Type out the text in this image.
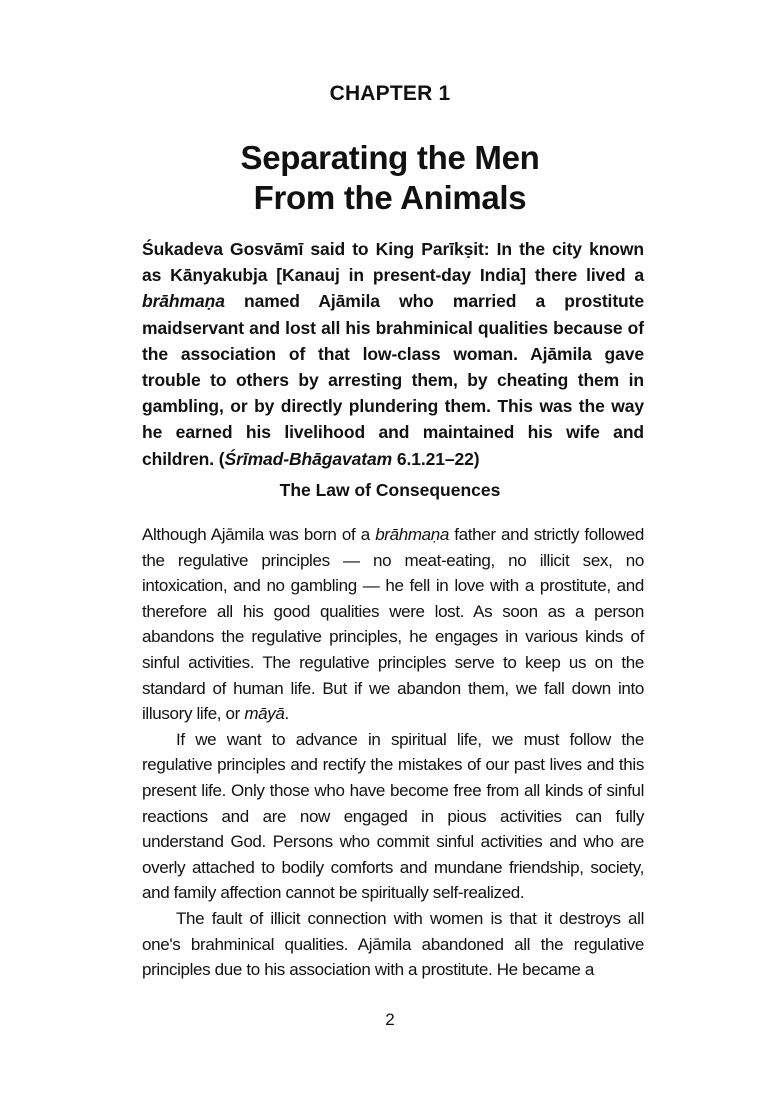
CHAPTER 1
Separating the Men
From the Animals
Śukadeva Gosvāmī said to King Parīkṣit: In the city known as Kānyakubja [Kanauj in present-day India] there lived a brāhmaṇa named Ajāmila who married a prostitute maidservant and lost all his brahminical qualities because of the association of that low-class woman. Ajāmila gave trouble to others by arresting them, by cheating them in gambling, or by directly plundering them. This was the way he earned his livelihood and maintained his wife and children. (Śrīmad-Bhāgavatam 6.1.21–22)
The Law of Consequences

Although Ajāmila was born of a brāhmaṇa father and strictly followed the regulative principles — no meat-eating, no illicit sex, no intoxication, and no gambling — he fell in love with a prostitute, and therefore all his good qualities were lost. As soon as a person abandons the regulative principles, he engages in various kinds of sinful activities. The regulative principles serve to keep us on the standard of human life. But if we abandon them, we fall down into illusory life, or māyā.

If we want to advance in spiritual life, we must follow the regulative principles and rectify the mistakes of our past lives and this present life. Only those who have become free from all kinds of sinful reactions and are now engaged in pious activities can fully understand God. Persons who commit sinful activities and who are overly attached to bodily comforts and mundane friendship, society, and family affection cannot be spiritually self-realized.

The fault of illicit connection with women is that it destroys all one's brahminical qualities. Ajāmila abandoned all the regulative principles due to his association with a prostitute. He became a

2
